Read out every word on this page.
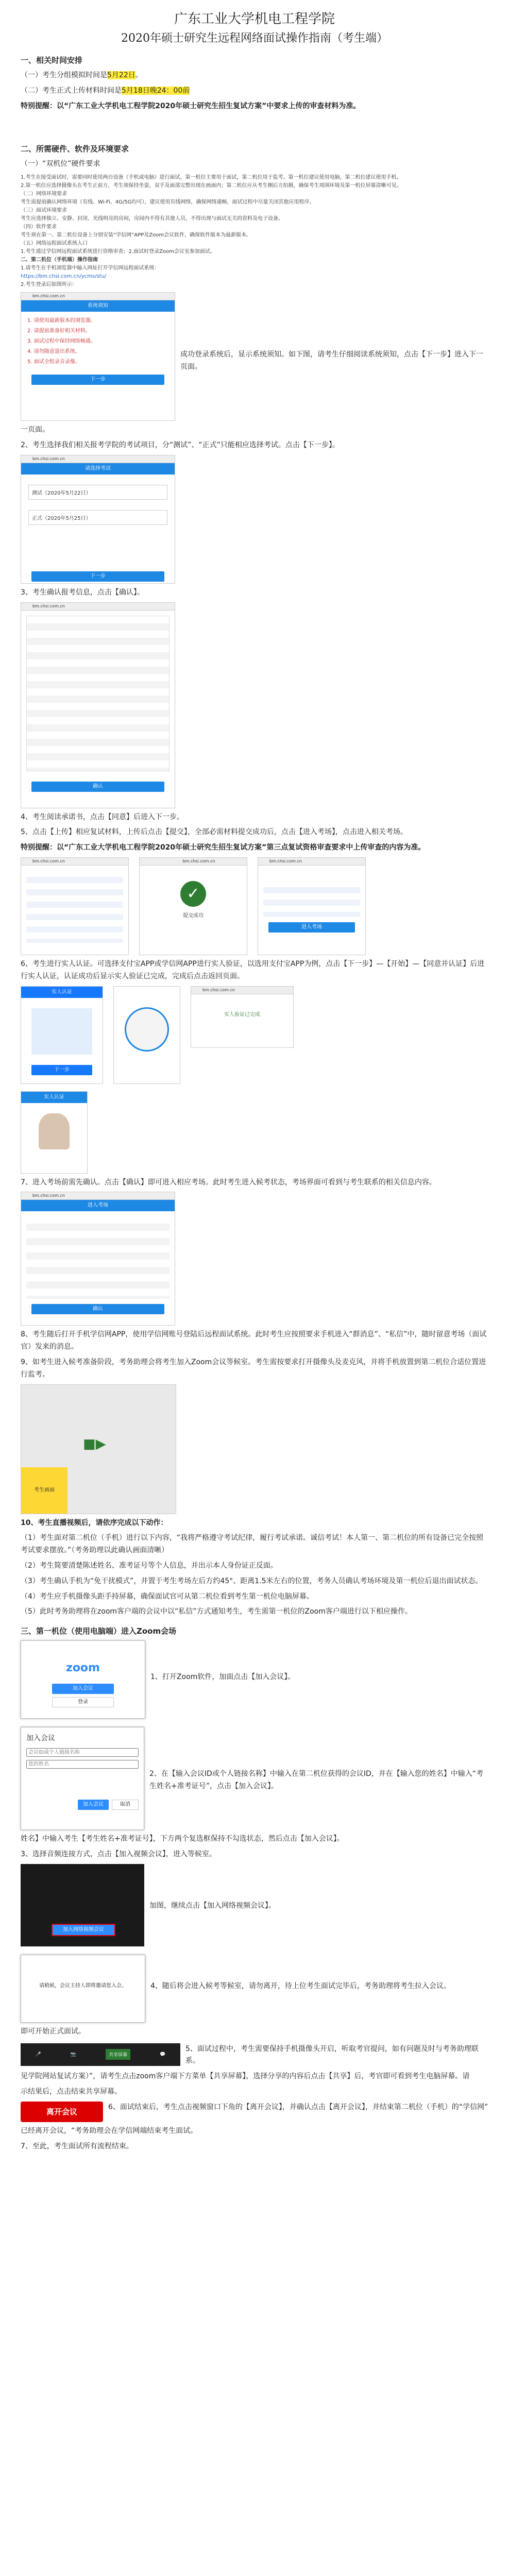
广东工业大学机电工程学院
2020年硕士研究生远程网络面试操作指南（考生端）
一、相关时间安排

（一）考生分组模拟时间是5月22日。

（二）考生正式上传材料时间是5月18日晚24：00前

特别提醒：以“广东工业大学机电工程学院2020年硕士研究生招生复试方案”中要求上传的审查材料为准。

二、所需硬件、软件及环境要求

（一）“双机位”硬件要求

1.考生在接受面试时，需要同时使用两台设备（手机或电脑）进行面试，第一机位主要用于面试，第二机位用于监考。第一机位建议使用电脑，第二机位建议使用手机。
2.第一机位应选择摄像头在考生正前方，考生须保持坐姿，双手及面部完整出现在画面内；第二机位应从考生侧后方拍摄，确保考生周围环境及第一机位屏幕清晰可见。
（二）网络环境要求
考生需提前确认网络环境（有线、Wi-Fi、4G/5G均可），建议使用有线网络，确保网络通畅，面试过程中尽量关闭其他应用程序。
（三）面试环境要求
考生应选择独立、安静、封闭、光线明亮的房间，房间内不得有其他人员，不得出现与面试无关的资料及电子设备。
（四）软件要求
考生须在第一、第二机位设备上分别安装“学信网”APP及Zoom会议软件，确保软件版本为最新版本。
（五）网络远程面试系统入口
1.考生通过学信网远程面试系统进行资格审查；2.面试时登录Zoom会议室参加面试。
二、第二机位（手机端）操作指南
1.请考生在手机浏览器中输入网址打开学信网远程面试系统：
https://bm.chsi.com.cn/ycms/stu/
2.考生登录后如图所示：
bm.chsi.com.cn
系统须知
1. 请使用最新版本的浏览器。
2. 请提前准备好相关材料。
3. 面试过程中保持网络畅通。
4. 请勿随意退出系统。
5. 面试全程录音录像。
下一步

成功登录系统后，显示系统须知。如下图，请考生仔细阅读系统须知，点击【下一步】进入下一页面。

一页面。

2、考生选择我们相关报考学院的考试项目，分“测试”、“正式”只能相应选择考试。点击【下一步】。

bm.chsi.com.cn
请选择考试
测试（2020年5月22日）
正式（2020年5月25日）
下一步

3、考生确认报考信息，点击【确认】。

bm.chsi.com.cn
确认

4、考生阅读承诺书，点击【同意】后进入下一步。

5、点击【上传】相应复试材料，上传后点击【提交】，全部必需材料提交成功后，点击【进入考场】，点击进入相关考场。

特别提醒：以“广东工业大学机电工程学院2020年硕士研究生招生复试方案”第三点复试资格审查要求中上传审查的内容为准。

bm.chsi.com.cn	bm.chsi.com.cn
✓
提交成功
bm.chsi.com.cn
进入考场

6、考生进行实人认证。可选择支付宝APP或学信网APP进行实人验证，以选用支付宝APP为例，点击【下一步】—【开始】—【同意并认证】后进行实人认证，认证成功后显示实人验证已完成，完成后点击返回页面。

实人认证
下一步
bm.chsi.com.cn
实人验证已完成
实人认证

7、进入考场前需先确认。点击【确认】即可进入相应考场。此时考生进入候考状态，考场界面可看到与考生联系的相关信息内容。

bm.chsi.com.cn
进入考场
确认

8、考生随后打开手机学信网APP，使用学信网账号登陆后远程面试系统。此时考生应按照要求手机进入“群消息”、“私信”中，随时留意考场（面试官）发来的消息。

9、如考生进入候考准备阶段，考务助理会将考生加入Zoom会议等候室。考生需按要求打开摄像头及麦克风，并将手机放置到第二机位合适位置进行监考。

■▶
考生画面

10、考生直播视频后，请依序完成以下动作：

（1）考生面对第二机位（手机）进行以下内容，“我将严格遵守考试纪律，履行考试承诺。诚信考试！本人第一、第二机位的所有设备已完全按照考试要求摆放。”（考务助理以此确认画面清晰）

（2）考生简要清楚陈述姓名、准考证号等个人信息，并出示本人身份证正反面。

（3）考生确认手机为“免干扰模式”，并置于考生考场左后方约45°、距离1.5米左右的位置，考务人员确认考场环境及第一机位后退出面试状态。

（4）考生应手机摄像头距手持屏幕，确保面试官可从第二机位看到考生第一机位电脑屏幕。

（5）此时考务助理将在zoom客户端的会议中以“私信”方式通知考生，考生需第一机位的Zoom客户端进行以下相应操作。

三、第一机位（使用电脑端）进入Zoom会场
zoom
加入会议
登录

1、打开Zoom软件，加面点击【加入会议】。

加入会议
会议ID或个人链接名称 您的姓名
加入会议	取消

2、在【输入会议ID或个人链接名称】中输入在第二机位获得的会议ID，并在【输入您的姓名】中输入“考生姓名+准考证号”，点击【加入会议】。

姓名】中输入考生【考生姓名+准考证号】，下方两个复选框保持不勾选状态，然后点击【加入会议】。

3、选择音频连接方式，点击【加入视频会议】，进入等候室。

加入网络视频会议

加图，继续点击【加入网络视频会议】。

请稍候，会议主持人即将邀请您入会。	4、随后将会进入候考等候室，请勿离开，待上位考生面试完毕后，考务助理将考生拉入会议。

即可开始正式面试。

🎤	📷	共享屏幕	💬

5、面试过程中，考生需要保持手机摄像头开启，听取考官提问，如有问题及时与考务助理联系。

见学院网站复试方案）”，请考生点击zoom客户端下方菜单【共享屏幕】，选择分享的内容后点击【共享】后，考官即可看到考生电脑屏幕。请

示结果后，点击结束共享屏幕。

离开会议	6、面试结束后，考生点击视频窗口下角的【离开会议】，并确认点击【离开会议】，并结束第二机位（手机）的“学信网”

已经离开会议，“考务助理会在学信网端结束考生面试。

7、至此，考生面试所有流程结束。
